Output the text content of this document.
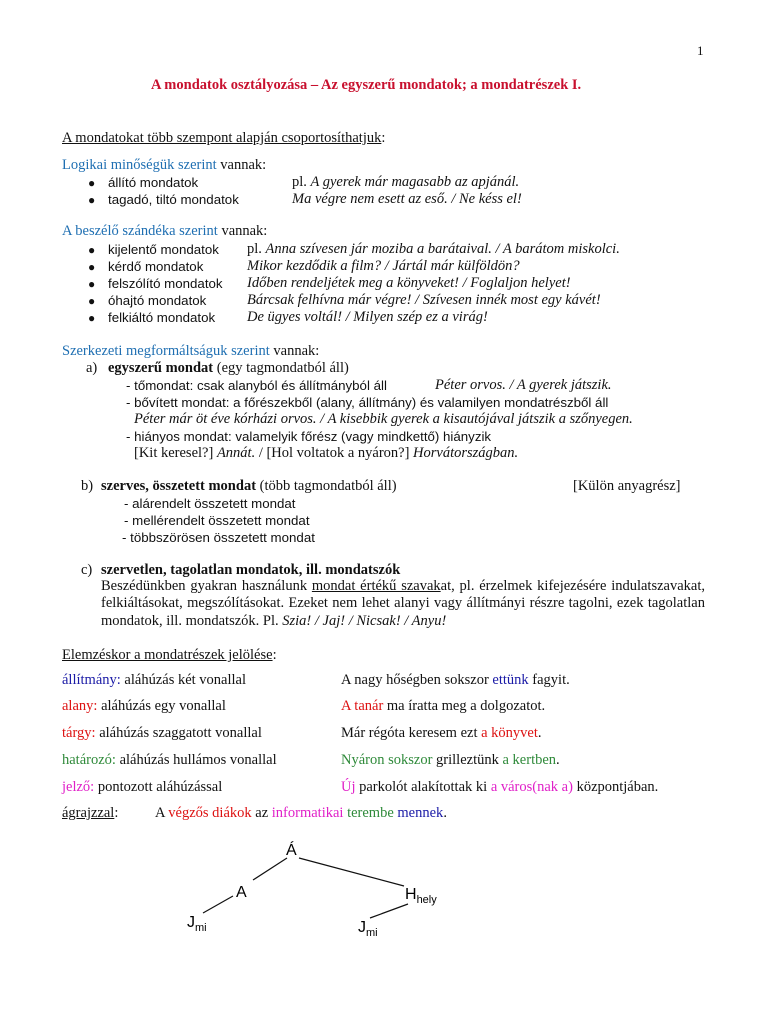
1
A mondatok osztályozása – Az egyszerű mondatok; a mondatrészek I.
A mondatokat több szempont alapján csoportosíthatjuk:
Logikai minőségük szerint vannak:
● állító mondatok	pl. A gyerek már magasabb az apjánál.
● tagadó, tiltó mondatok	Ma végre nem esett az eső. / Ne késs el!
A beszélő szándéka szerint vannak:
● kijelentő mondatok pl. Anna szívesen jár moziba a barátaival. / A barátom miskolci.
● kérdő mondatok	Mikor kezdődik a film? / Jártál már külföldön?
● felszólító mondatok Időben rendeljétek meg a könyveket! / Foglaljon helyet!
● óhajtó mondatok	Bárcsak felhívna már végre! / Szívesen innék most egy kávét!
● felkiáltó mondatok De ügyes voltál! / Milyen szép ez a virág!
Szerkezeti megformáltságuk szerint vannak:
a) egyszerű mondat (egy tagmondatból áll)
- tőmondat: csak alanyból és állítmányból áll	Péter orvos. / A gyerek játszik.
- bővített mondat: a főrészekből (alany, állítmány) és valamilyen mondatrészből áll
Péter már öt éve kórházi orvos. / A kisebbik gyerek a kisautójával játszik a szőnyegen.
- hiányos mondat: valamelyik főrész (vagy mindkettő) hiányzik
[Kit keresel?] Annát. / [Hol voltatok a nyáron?] Horvátországban.
b) szerves, összetett mondat (több tagmondatból áll)	[Külön anyagrész]
- alárendelt összetett mondat
- mellérendelt összetett mondat
- többszörösen összetett mondat
c) szervetlen, tagolatlan mondatok, ill. mondatszók
Beszédünkben gyakran használunk mondat értékű szavakat, pl. érzelmek kifejezésére indulatszavakat, felkiáltásokat, megszólításokat. Ezeket nem lehet alanyi vagy állítmányi részre tagolni, ezek tagolatlan mondatok, ill. mondatszók. Pl. Szia! / Jaj! / Nicsak! / Anyu!
Elemzéskor a mondatrészek jelölése:
állítmány: aláhúzás két vonallal	A nagy hőségben sokszor ettünk fagyit.
alany: aláhúzás egy vonallal	A tanár ma íratta meg a dolgozatot.
tárgy: aláhúzás szaggatott vonallal	Már régóta keresem ezt a könyvet.
határozó: aláhúzás hullámos vonallal	Nyáron sokszor grilleztünk a kertben.
jelző: pontozott aláhúzással	Új parkolót alakítottak ki a város(nak a) központjában.
ágrajzzal:	A végzős diákok az informatikai terembe mennek.
Á
A	$H_{hely}$
$J_{mi}$	$J_{mi}$
